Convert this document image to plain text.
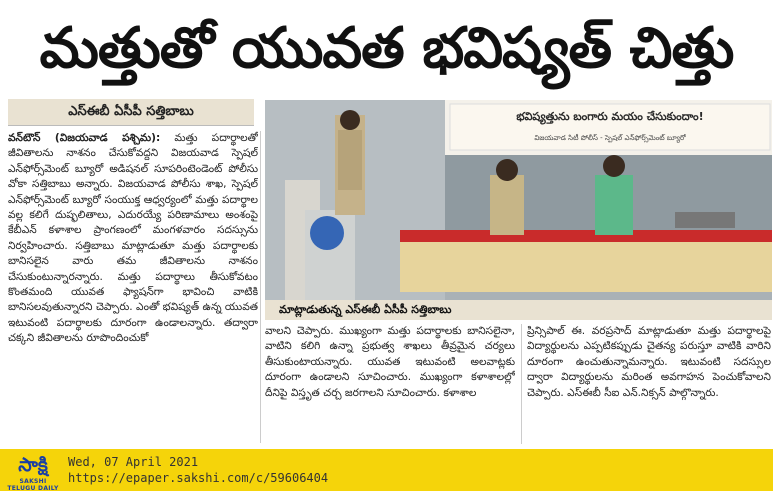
మత్తుతో యువత భవిష్యత్ చిత్తు
ఎస్ఈబీ ఏసీపీ సత్తిబాబు
వన్‌టౌన్ (విజయవాడ పశ్చిమ): మత్తు పదార్థాలతో జీవితాలను నాశనం చేసుకోవద్దని విజయవాడ స్పెషల్ ఎన్‌ఫోర్స్‌మెంట్ బ్యూరో అడిషనల్ సూపరింటెండెంట్ పోలీసు వోకా సత్తిబాబు అన్నారు. విజయవాడ పోలీసు శాఖ, స్పెషల్ ఎన్‌ఫోర్స్‌మెంట్ బ్యూరో సంయుక్త ఆధ్వర్యంలో మత్తు పదార్థాల వల్ల కలిగే దుష్ఫలితాలు, ఎదురయ్యే పరిణామాలు అంశంపై కేబీఎన్ కళాశాల ప్రాంగణంలో మంగళవారం సదస్సును నిర్వహించారు. సత్తిబాబు మాట్లాడుతూ మత్తు పదార్థాలకు బానిసలైన వారు తమ జీవితాలను నాశనం చేసుకుంటున్నారన్నారు. మత్తు పదార్థాలు తీసుకోవటం కొంతమంది యువత ఫ్యాషన్‌గా భావించి వాటికి బానిసలవుతున్నారని చెప్పారు. ఎంతో భవిష్యత్ ఉన్న యువత ఇటువంటి పదార్థాలకు దూరంగా ఉండాలన్నారు. తద్వారా చక్కని జీవితాలను రూపొందించుకో
భవిష్యత్తును బంగారు మయం చేసుకుందాం!
విజయవాడ సిటీ పోలీస్ - స్పెషల్ ఎన్‌ఫోర్స్‌మెంట్ బ్యూరో
మాట్లాడుతున్న ఎస్ఈబీ ఏసీపీ సత్తిబాబు
వాలని చెప్పారు. ముఖ్యంగా మత్తు పదార్థాలకు బానిసలైనా, వాటిని కలిగి ఉన్నా ప్రభుత్వ శాఖలు తీవ్రమైన చర్యలు తీసుకుంటాయన్నారు. యువత ఇటువంటి అలవాట్లకు దూరంగా ఉండాలని సూచించారు. ముఖ్యంగా కళాశాలల్లో దీనిపై విస్తృత చర్చ జరగాలని సూచించారు. కళాశాల
ప్రిన్సిపాల్ ఈ. వరప్రసాద్ మాట్లాడుతూ మత్తు పదార్థాలపై విద్యార్థులను ఎప్పటికప్పుడు చైతన్య పరుస్తూ వాటికి వారిని దూరంగా ఉంచుతున్నామన్నారు. ఇటువంటి సదస్సుల ద్వారా విద్యార్థులను మరింత అవగాహన పెంచుకోవాలని చెప్పారు. ఎస్ఈబీ సీఐ ఎన్.నిక్సన్ పాల్గొన్నారు.
సాక్షి
SAKSHI TELUGU DAILY
Wed, 07 April 2021
https://epaper.sakshi.com/c/59606404
